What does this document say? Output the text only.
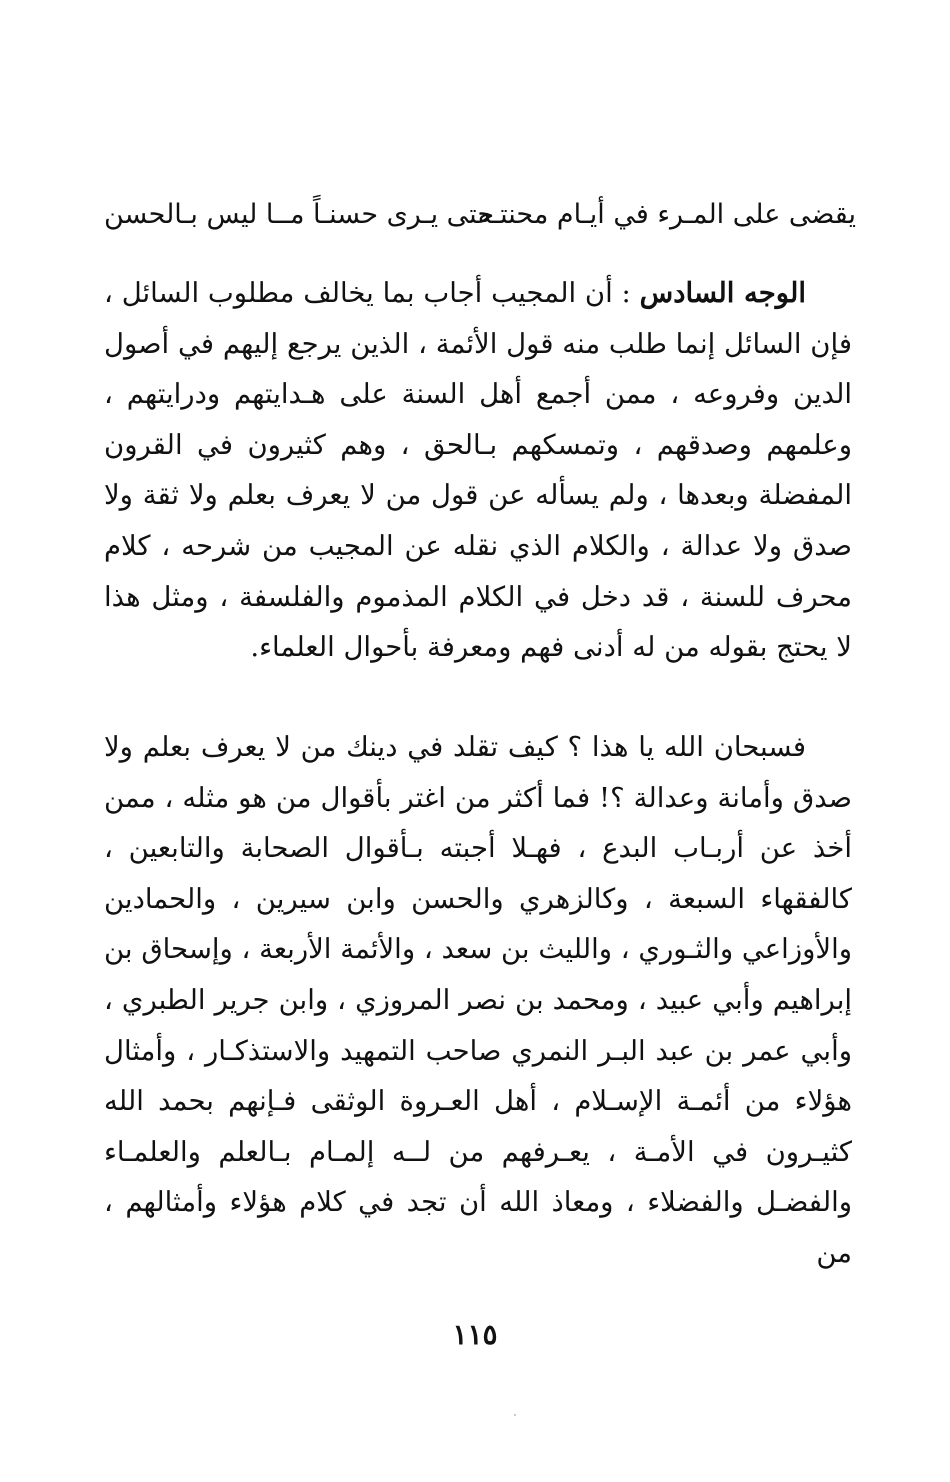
يقضى على المـرء في أيـام محنتـه
حتى يـرى حسنـاً مــا ليس بـالحسن

الوجه السادس : أن المجيب أجاب بما يخالف مطلوب السائل ، فإن السائل إنما طلب منه قول الأئمة ، الذين يرجع إليهم في أصول الدين وفروعه ، ممن أجمع أهل السنة على هـدايتهم ودرايتهم ، وعلمهم وصدقهم ، وتمسكهم بـالحق ، وهم كثيرون في القرون المفضلة وبعدها ، ولم يسأله عن قول من لا يعرف بعلم ولا ثقة ولا صدق ولا عدالة ، والكلام الذي نقله عن المجيب من شرحه ، كلام محرف للسنة ، قد دخل في الكلام المذموم والفلسفة ، ومثل هذا لا يحتج بقوله من له أدنى فهم ومعرفة بأحوال العلماء.

فسبحان الله يا هذا ؟ كيف تقلد في دينك من لا يعرف بعلم ولا صدق وأمانة وعدالة ؟! فما أكثر من اغتر بأقوال من هو مثله ، ممن أخذ عن أربـاب البدع ، فهـلا أجبته بـأقوال الصحابة والتابعين ، كالفقهاء السبعة ، وكالزهري والحسن وابن سيرين ، والحمادين والأوزاعي والثـوري ، والليث بن سعد ، والأئمة الأربعة ، وإسحاق بن إبراهيم وأبي عبيد ، ومحمد بن نصر المروزي ، وابن جرير الطبري ، وأبي عمر بن عبد البـر النمري صاحب التمهيد والاستذكـار ، وأمثال هؤلاء من أئمـة الإسـلام ، أهل العـروة الوثقى فـإنهم بحمد الله كثيـرون في الأمـة ، يعـرفهم من لــه إلمـام بـالعلم والعلمـاء والفضـل والفضلاء ، ومعاذ الله أن تجد في كلام هؤلاء وأمثالهم ، من

١١٥
